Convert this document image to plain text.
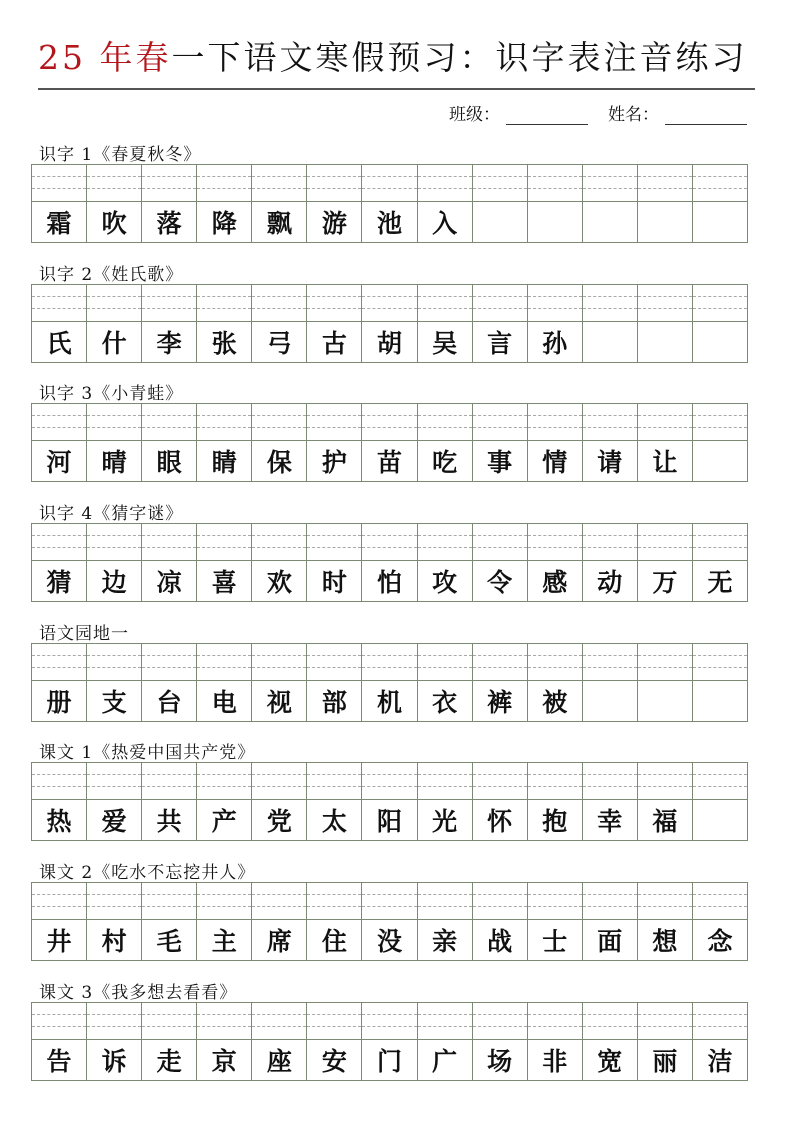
25 年春一下语文寒假预习：识字表注音练习
班级：	姓名：
识字 1《春夏秋冬》
霜	吹	落	降	飘	游	池	入
识字 2《姓氏歌》
氏	什	李	张	弓	古	胡	吴	言	孙
识字 3《小青蛙》
河	晴	眼	睛	保	护	苗	吃	事	情	请	让
识字 4《猜字谜》
猜	边	凉	喜	欢	时	怕	攻	令	感	动	万	无
语文园地一
册	支	台	电	视	部	机	衣	裤	被
课文 1《热爱中国共产党》
热	爱	共	产	党	太	阳	光	怀	抱	幸	福
课文 2《吃水不忘挖井人》
井	村	毛	主	席	住	没	亲	战	士	面	想	念
课文 3《我多想去看看》
告	诉	走	京	座	安	门	广	场	非	宽	丽	洁
